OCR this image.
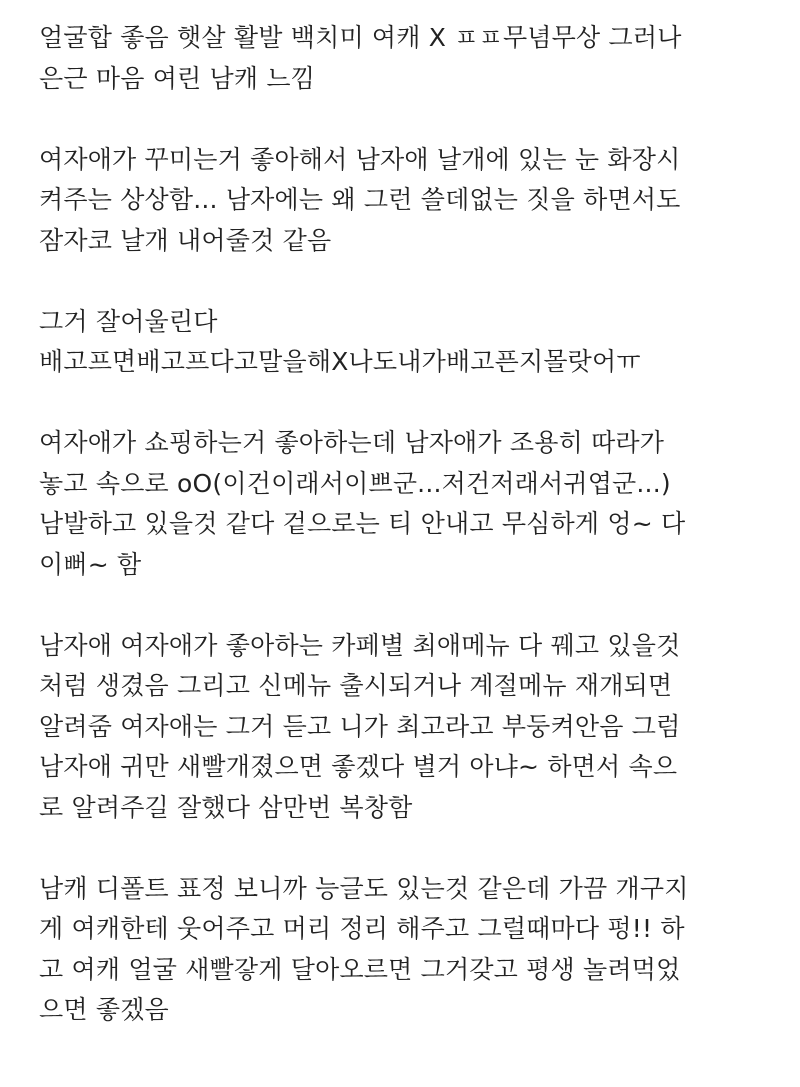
얼굴합 좋음 햇살 활발 백치미 여캐 X ㅍㅍ무념무상 그러나
은근 마음 여린 남캐 느낌

여자애가 꾸미는거 좋아해서 남자애 날개에 있는 눈 화장시
켜주는 상상함... 남자에는 왜 그런 쓸데없는 짓을 하면서도
잠자코 날개 내어줄것 같음

그거 잘어울린다
배고프면배고프다고말을해X나도내가배고픈지몰랏어ㅠ

여자애가 쇼핑하는거 좋아하는데 남자애가 조용히 따라가
놓고 속으로 oO(이건이래서이쁘군...저건저래서귀엽군...)
남발하고 있을것 같다 겉으로는 티 안내고 무심하게 엉~ 다
이뻐~ 함

남자애 여자애가 좋아하는 카페별 최애메뉴 다 꿰고 있을것
처럼 생겼음 그리고 신메뉴 출시되거나 계절메뉴 재개되면
알려줌 여자애는 그거 듣고 니가 최고라고 부둥켜안음 그럼
남자애 귀만 새빨개졌으면 좋겠다 별거 아냐~ 하면서 속으
로 알려주길 잘했다 삼만번 복창함

남캐 디폴트 표정 보니까 능글도 있는것 같은데 가끔 개구지
게 여캐한테 웃어주고 머리 정리 해주고 그럴때마다 펑!! 하
고 여캐 얼굴 새빨갛게 달아오르면 그거갖고 평생 놀려먹었
으면 좋겠음
